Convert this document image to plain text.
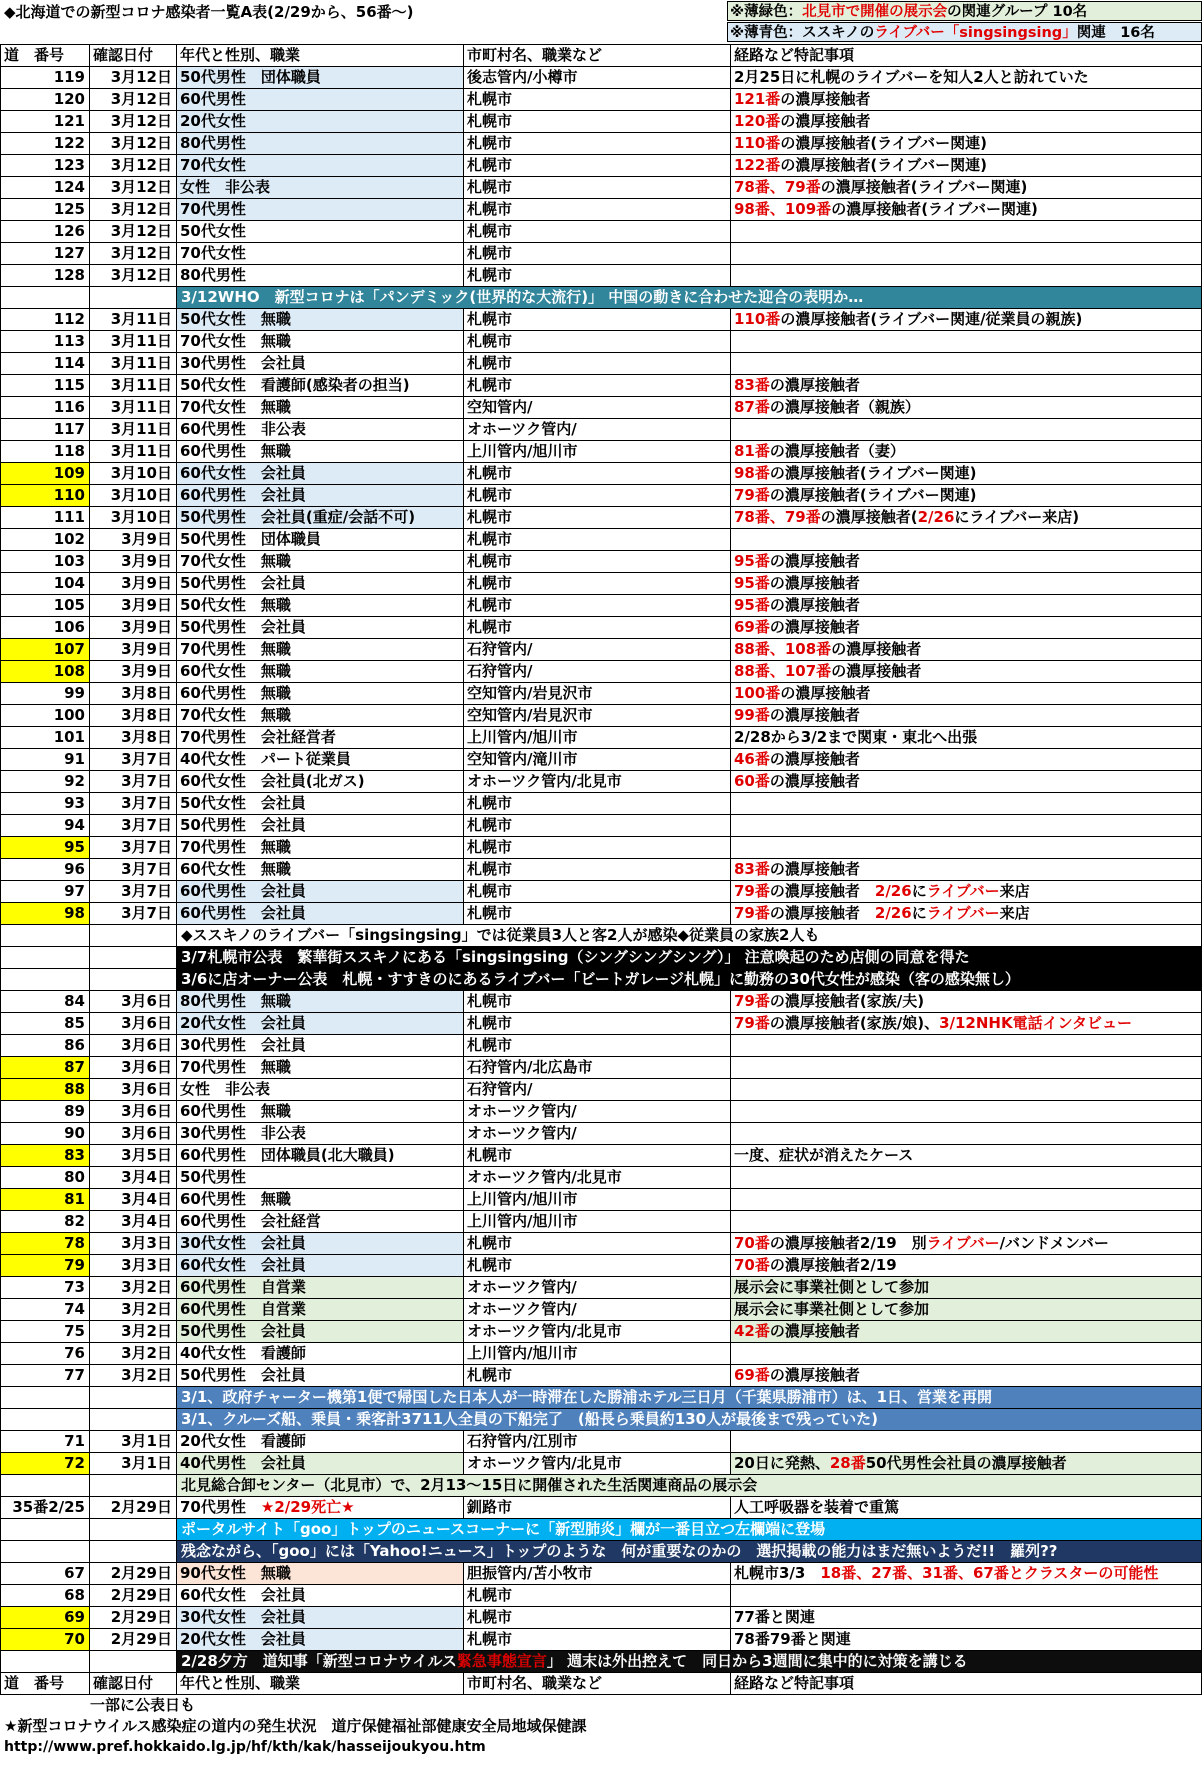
◆北海道での新型コロナ感染者一覧A表(2/29から、56番～)	※薄緑色：北見市で開催の展示会の関連グループ 10名
※薄青色：ススキノのライブバー「singsingsing」関連　16名
道　番号	確認日付	年代と性別、職業	市町村名、職業など	経路など特記事項
119	3月12日	50代男性　団体職員	後志管内/小樽市	2月25日に札幌のライブバーを知人2人と訪れていた
120	3月12日	60代男性	札幌市	121番の濃厚接触者
121	3月12日	20代女性	札幌市	120番の濃厚接触者
122	3月12日	80代男性	札幌市	110番の濃厚接触者(ライブバー関連)
123	3月12日	70代女性	札幌市	122番の濃厚接触者(ライブバー関連)
124	3月12日	女性　非公表	札幌市	78番、79番の濃厚接触者(ライブバー関連)
125	3月12日	70代男性	札幌市	98番、109番の濃厚接触者(ライブバー関連)
126	3月12日	50代女性	札幌市	
127	3月12日	70代女性	札幌市	
128	3月12日	80代男性	札幌市	
		3/12WHO　新型コロナは「パンデミック(世界的な大流行)」 中国の動きに合わせた迎合の表明か…		
112	3月11日	50代女性　無職	札幌市	110番の濃厚接触者(ライブバー関連/従業員の親族)
113	3月11日	70代女性　無職	札幌市	
114	3月11日	30代男性　会社員	札幌市	
115	3月11日	50代女性　看護師(感染者の担当)	札幌市	83番の濃厚接触者
116	3月11日	70代女性　無職	空知管内/	87番の濃厚接触者（親族）
117	3月11日	60代男性　非公表	オホーツク管内/	
118	3月11日	60代男性　無職	上川管内/旭川市	81番の濃厚接触者（妻）
109	3月10日	60代女性　会社員	札幌市	98番の濃厚接触者(ライブバー関連)
110	3月10日	60代男性　会社員	札幌市	79番の濃厚接触者(ライブバー関連)
111	3月10日	50代男性　会社員(重症/会話不可)	札幌市	78番、79番の濃厚接触者(2/26にライブバー来店)
102	3月9日	50代男性　団体職員	札幌市	
103	3月9日	70代女性　無職	札幌市	95番の濃厚接触者
104	3月9日	50代男性　会社員	札幌市	95番の濃厚接触者
105	3月9日	50代女性　無職	札幌市	95番の濃厚接触者
106	3月9日	50代男性　会社員	札幌市	69番の濃厚接触者
107	3月9日	70代男性　無職	石狩管内/	88番、108番の濃厚接触者
108	3月9日	60代女性　無職	石狩管内/	88番、107番の濃厚接触者
99	3月8日	60代男性　無職	空知管内/岩見沢市	100番の濃厚接触者
100	3月8日	70代女性　無職	空知管内/岩見沢市	99番の濃厚接触者
101	3月8日	70代男性　会社経営者	上川管内/旭川市	2/28から3/2まで関東・東北へ出張
91	3月7日	40代女性　パート従業員	空知管内/滝川市	46番の濃厚接触者
92	3月7日	60代女性　会社員(北ガス)	オホーツク管内/北見市	60番の濃厚接触者
93	3月7日	50代女性　会社員	札幌市	
94	3月7日	50代男性　会社員	札幌市	
95	3月7日	70代男性　無職	札幌市	
96	3月7日	60代女性　無職	札幌市	83番の濃厚接触者
97	3月7日	60代男性　会社員	札幌市	79番の濃厚接触者　2/26にライブバー来店
98	3月7日	60代男性　会社員	札幌市	79番の濃厚接触者　2/26にライブバー来店
		◆ススキノのライブバー「singsingsing」では従業員3人と客2人が感染◆従業員の家族2人も		
		3/7札幌市公表　繁華街ススキノにある「singsingsing（シングシングシング）」 注意喚起のため店側の同意を得た		
		3/6に店オーナー公表　札幌・すすきのにあるライブバー「ビートガレージ札幌」に勤務の30代女性が感染（客の感染無し）		
84	3月6日	80代男性　無職	札幌市	79番の濃厚接触者(家族/夫)
85	3月6日	20代女性　会社員	札幌市	79番の濃厚接触者(家族/娘)、3/12NHK電話インタビュー
86	3月6日	30代男性　会社員	札幌市	
87	3月6日	70代男性　無職	石狩管内/北広島市	
88	3月6日	女性　非公表	石狩管内/	
89	3月6日	60代男性　無職	オホーツク管内/	
90	3月6日	30代男性　非公表	オホーツク管内/	
83	3月5日	60代男性　団体職員(北大職員)	札幌市	一度、症状が消えたケース
80	3月4日	50代男性	オホーツク管内/北見市	
81	3月4日	60代男性　無職	上川管内/旭川市	
82	3月4日	60代男性　会社経営	上川管内/旭川市	
78	3月3日	30代女性　会社員	札幌市	70番の濃厚接触者2/19　別ライブバー/バンドメンバー
79	3月3日	60代女性　会社員	札幌市	70番の濃厚接触者2/19
73	3月2日	60代男性　自営業	オホーツク管内/	展示会に事業社側として参加
74	3月2日	60代男性　自営業	オホーツク管内/	展示会に事業社側として参加
75	3月2日	50代男性　会社員	オホーツク管内/北見市	42番の濃厚接触者
76	3月2日	40代女性　看護師	上川管内/旭川市	
77	3月2日	50代男性　会社員	札幌市	69番の濃厚接触者
		3/1、政府チャーター機第1便で帰国した日本人が一時滞在した勝浦ホテル三日月（千葉県勝浦市）は、1日、営業を再開		
		3/1、クルーズ船、乗員・乗客計3711人全員の下船完了　(船長ら乗員約130人が最後まで残っていた)		
71	3月1日	20代女性　看護師	石狩管内/江別市	
72	3月1日	40代男性　会社員	オホーツク管内/北見市	20日に発熱、28番50代男性会社員の濃厚接触者
		北見総合卸センター（北見市）で、2月13～15日に開催された生活関連商品の展示会		
35番2/25	2月29日	70代男性　★2/29死亡★	釧路市	人工呼吸器を装着で重篤
		ポータルサイト「goo」トップのニュースコーナーに「新型肺炎」欄が一番目立つ左欄端に登場		
		残念ながら、「goo」には「Yahoo!ニュース」トップのような　何が重要なのかの　選択掲載の能力はまだ無いようだ!!　羅列??		
67	2月29日	90代女性　無職	胆振管内/苫小牧市	札幌市3/3　18番、27番、31番、67番とクラスターの可能性
68	2月29日	60代女性　会社員	札幌市	
69	2月29日	30代女性　会社員	札幌市	77番と関連
70	2月29日	20代女性　会社員	札幌市	78番79番と関連
		2/28夕方　道知事「新型コロナウイルス緊急事態宣言」 週末は外出控えて　同日から3週間に集中的に対策を講じる		
道　番号	確認日付	年代と性別、職業	市町村名、職業など	経路など特記事項
一部に公表日も
★新型コロナウイルス感染症の道内の発生状況　道庁保健福祉部健康安全局地域保健課
http://www.pref.hokkaido.lg.jp/hf/kth/kak/hasseijoukyou.htm
